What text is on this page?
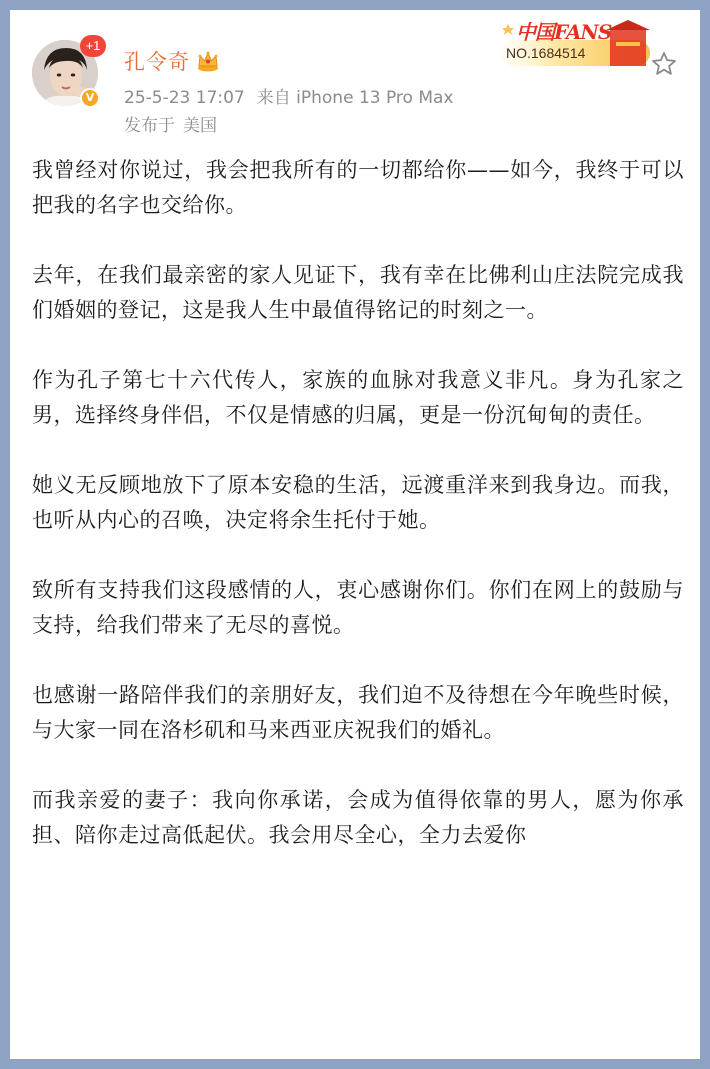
+1
V
孔令奇
25-5-23 17:07 来自 iPhone 13 Pro Max
发布于 美国
中国FANS
NO.1684514

我曾经对你说过，我会把我所有的一切都给你——如今，我终于可以把我的名字也交给你。

去年，在我们最亲密的家人见证下，我有幸在比佛利山庄法院完成我们婚姻的登记，这是我人生中最值得铭记的时刻之一。

作为孔子第七十六代传人，家族的血脉对我意义非凡。身为孔家之男，选择终身伴侣，不仅是情感的归属，更是一份沉甸甸的责任。

她义无反顾地放下了原本安稳的生活，远渡重洋来到我身边。而我，也听从内心的召唤，决定将余生托付于她。

致所有支持我们这段感情的人，衷心感谢你们。你们在网上的鼓励与支持，给我们带来了无尽的喜悦。

也感谢一路陪伴我们的亲朋好友，我们迫不及待想在今年晚些时候，与大家一同在洛杉矶和马来西亚庆祝我们的婚礼。

而我亲爱的妻子：我向你承诺，会成为值得依靠的男人，愿为你承担、陪你走过高低起伏。我会用尽全心，全力去爱你
